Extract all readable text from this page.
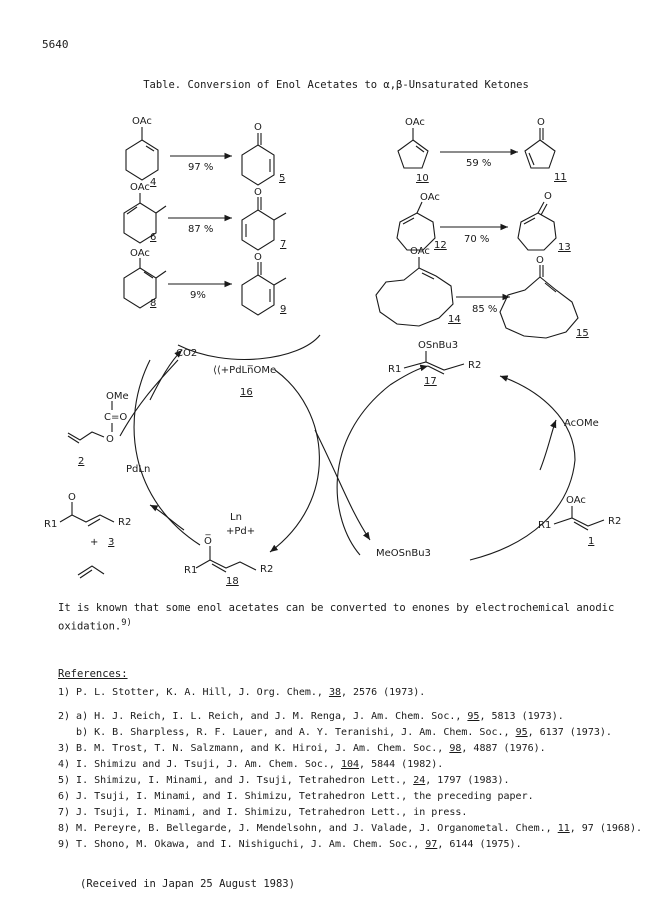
5640
Table. Conversion of Enol Acetates to α,β-Unsaturated Ketones
OAc
4
97 %
O
5
OAc
6
87 %
O
7
OAc
8
9%
O
9
OAc
10
59 %
O
11
OAc
12
70 %
O
13
OAc
14
85 %
O
15
CO2
⟨⟨+PdLn̅OMe
16
OMe
C=O
O
2
PdLn
O
R1	R2
+ 3	O̅
+Pd+
Ln
R1	R2
18
OSnBu3
R1	R2
17
AcOMe
OAc
R1	R2
1
MeOSnBu3
It is known that some enol acetates can be converted to enones by electrochemical anodic oxidation.$^{9)}$
References:
1) P. L. Stotter, K. A. Hill, J. Org. Chem., 38, 2576 (1973).
2) a) H. J. Reich, I. L. Reich, and J. M. Renga, J. Am. Chem. Soc., 95, 5813 (1973).
b) K. B. Sharpless, R. F. Lauer, and A. Y. Teranishi, J. Am. Chem. Soc., 95, 6137 (1973).
3) B. M. Trost, T. N. Salzmann, and K. Hiroi, J. Am. Chem. Soc., 98, 4887 (1976).
4) I. Shimizu and J. Tsuji, J. Am. Chem. Soc., 104, 5844 (1982).
5) I. Shimizu, I. Minami, and J. Tsuji, Tetrahedron Lett., 24, 1797 (1983).
6) J. Tsuji, I. Minami, and I. Shimizu, Tetrahedron Lett., the preceding paper.
7) J. Tsuji, I. Minami, and I. Shimizu, Tetrahedron Lett., in press.
8) M. Pereyre, B. Bellegarde, J. Mendelsohn, and J. Valade, J. Organometal. Chem., 11, 97 (1968).
9) T. Shono, M. Okawa, and I. Nishiguchi, J. Am. Chem. Soc., 97, 6144 (1975).
(Received in Japan 25 August 1983)
